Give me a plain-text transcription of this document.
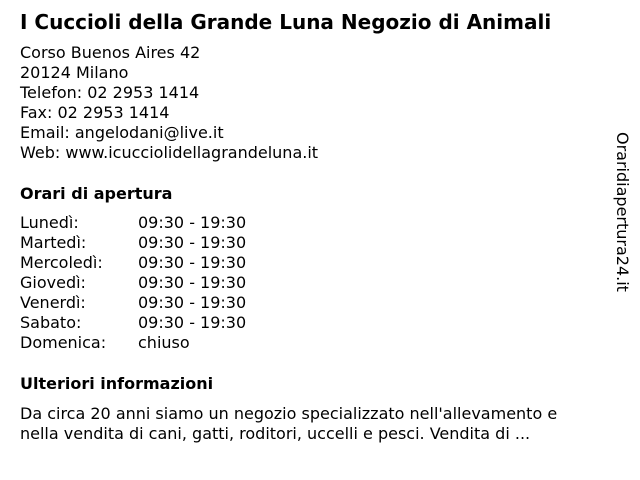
I Cuccioli della Grande Luna Negozio di Animali
Corso Buenos Aires 42
20124 Milano
Telefon: 02 2953 1414
Fax: 02 2953 1414
Email: angelodani@live.it
Web: www.icuccioli​dellagrandeluna.it
Orari di apertura
Lunedì:	09:30 - 19:30
Martedì:	09:30 - 19:30
Mercoledì: 09:30 - 19:30
Giovedì:	09:30 - 19:30
Venerdì:	09:30 - 19:30
Sabato:	09:30 - 19:30
Domenica: chiuso
Ulteriori informazioni
Da circa 20 anni siamo un negozio specializzato nell'allevamento e nella vendita di cani, gatti, roditori, uccelli e pesci. Vendita di ...
Oraridiapertura24.it
